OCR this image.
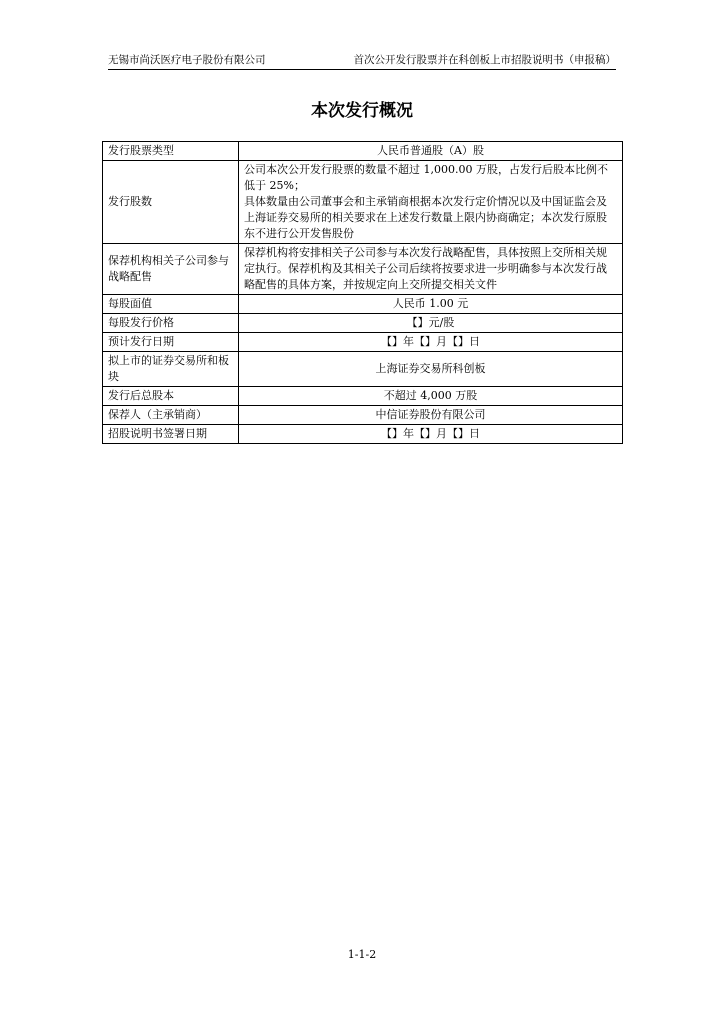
无锡市尚沃医疗电子股份有限公司	首次公开发行股票并在科创板上市招股说明书（申报稿）
本次发行概况
发行股票类型	人民币普通股（A）股
发行股数	公司本次公开发行股票的数量不超过 1,000.00 万股，占发行后股本比例不低于 25%；
具体数量由公司董事会和主承销商根据本次发行定价情况以及中国证监会及上海证券交易所的相关要求在上述发行数量上限内协商确定；本次发行原股东不进行公开发售股份

保荐机构相关子公司参与战略配售	保荐机构将安排相关子公司参与本次发行战略配售，具体按照上交所相关规定执行。保荐机构及其相关子公司后续将按要求进一步明确参与本次发行战略配售的具体方案，并按规定向上交所提交相关文件
每股面值	人民币 1.00 元
每股发行价格	【】元/股
预计发行日期	【】年【】月【】日
拟上市的证券交易所和板块	上海证券交易所科创板
发行后总股本	不超过 4,000 万股
保荐人（主承销商）	中信证券股份有限公司
招股说明书签署日期	【】年【】月【】日
1-1-2
